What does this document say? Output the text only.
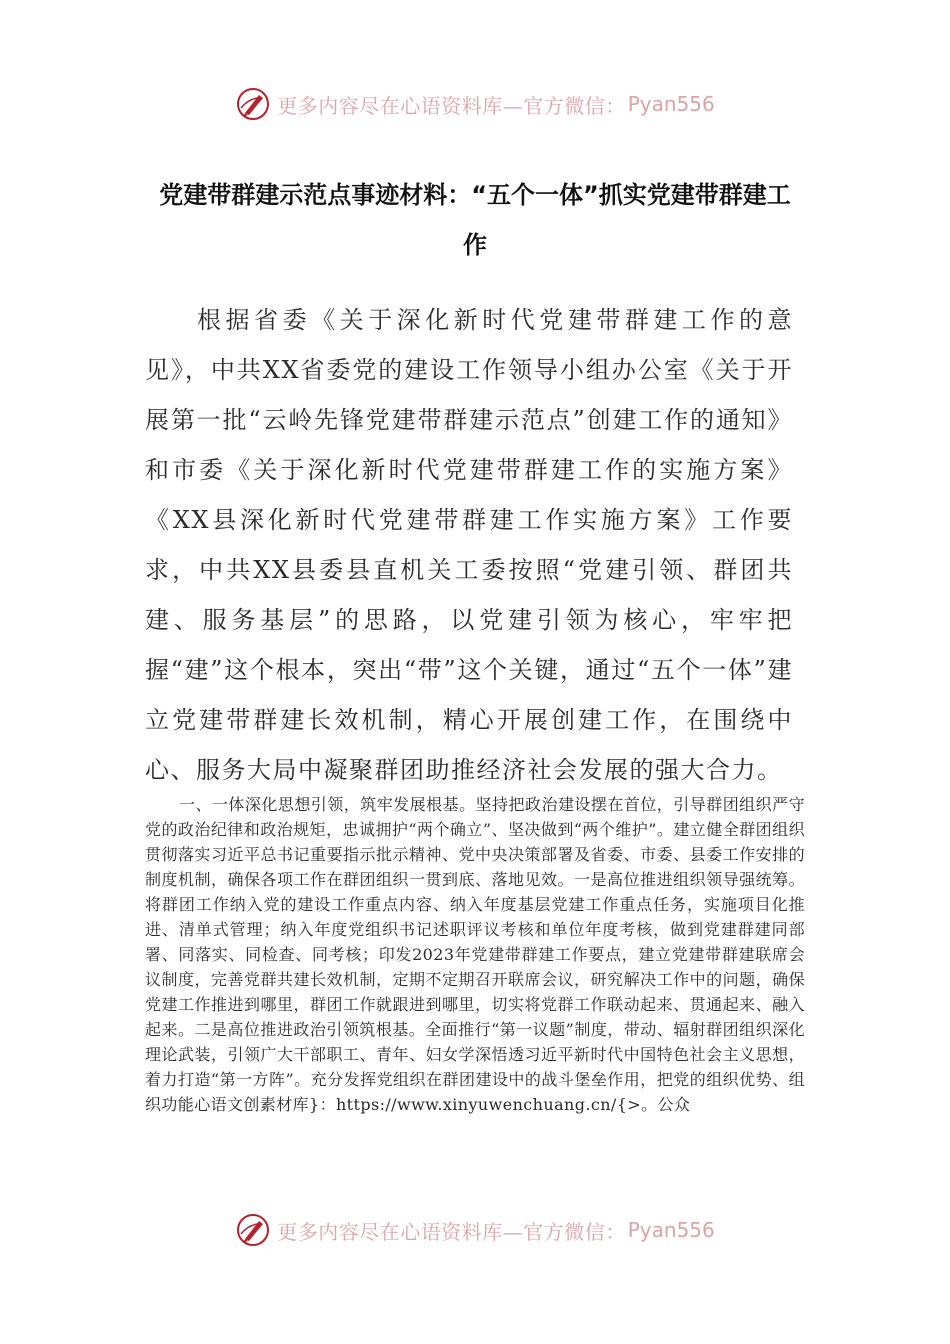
更多内容尽在心语资料库—官方微信： Pyan556
党建带群建示范点事迹材料：“五个一体”抓实党建带群建工作

根据省委《关于深化新时代党建带群建工作的意见》，中共XX省委党的建设工作领导小组办公室《关于开展第一批“云岭先锋党建带群建示范点”创建工作的通知》和市委《关于深化新时代党建带群建工作的实施方案》《XX县深化新时代党建带群建工作实施方案》工作要求，中共XX县委县直机关工委按照“党建引领、群团共建、服务基层”的思路，以党建引领为核心，牢牢把握“建”这个根本，突出“带”这个关键，通过“五个一体”建立党建带群建长效机制，精心开展创建工作，在围绕中心、服务大局中凝聚群团助推经济社会发展的强大合力。

一、一体深化思想引领，筑牢发展根基。坚持把政治建设摆在首位，引导群团组织严守党的政治纪律和政治规矩，忠诚拥护“两个确立”、坚决做到“两个维护”。建立健全群团组织贯彻落实习近平总书记重要指示批示精神、党中央决策部署及省委、市委、县委工作安排的制度机制，确保各项工作在群团组织一贯到底、落地见效。一是高位推进组织领导强统筹。将群团工作纳入党的建设工作重点内容、纳入年度基层党建工作重点任务，实施项目化推进、清单式管理；纳入年度党组织书记述职评议考核和单位年度考核，做到党建群建同部署、同落实、同检查、同考核；印发2023年党建带群建工作要点，建立党建带群建联席会议制度，完善党群共建长效机制，定期不定期召开联席会议，研究解决工作中的问题，确保党建工作推进到哪里，群团工作就跟进到哪里，切实将党群工作联动起来、贯通起来、融入起来。二是高位推进政治引领筑根基。全面推行“第一议题”制度，带动、辐射群团组织深化理论武装，引领广大干部职工、青年、妇女学深悟透习近平新时代中国特色社会主义思想，着力打造“第一方阵”。充分发挥党组织在群团建设中的战斗堡垒作用，把党的组织优势、组织功能心语文创素材库}：https://www.xinyuwenchuang.cn/{>。公众

更多内容尽在心语资料库—官方微信： Pyan556
